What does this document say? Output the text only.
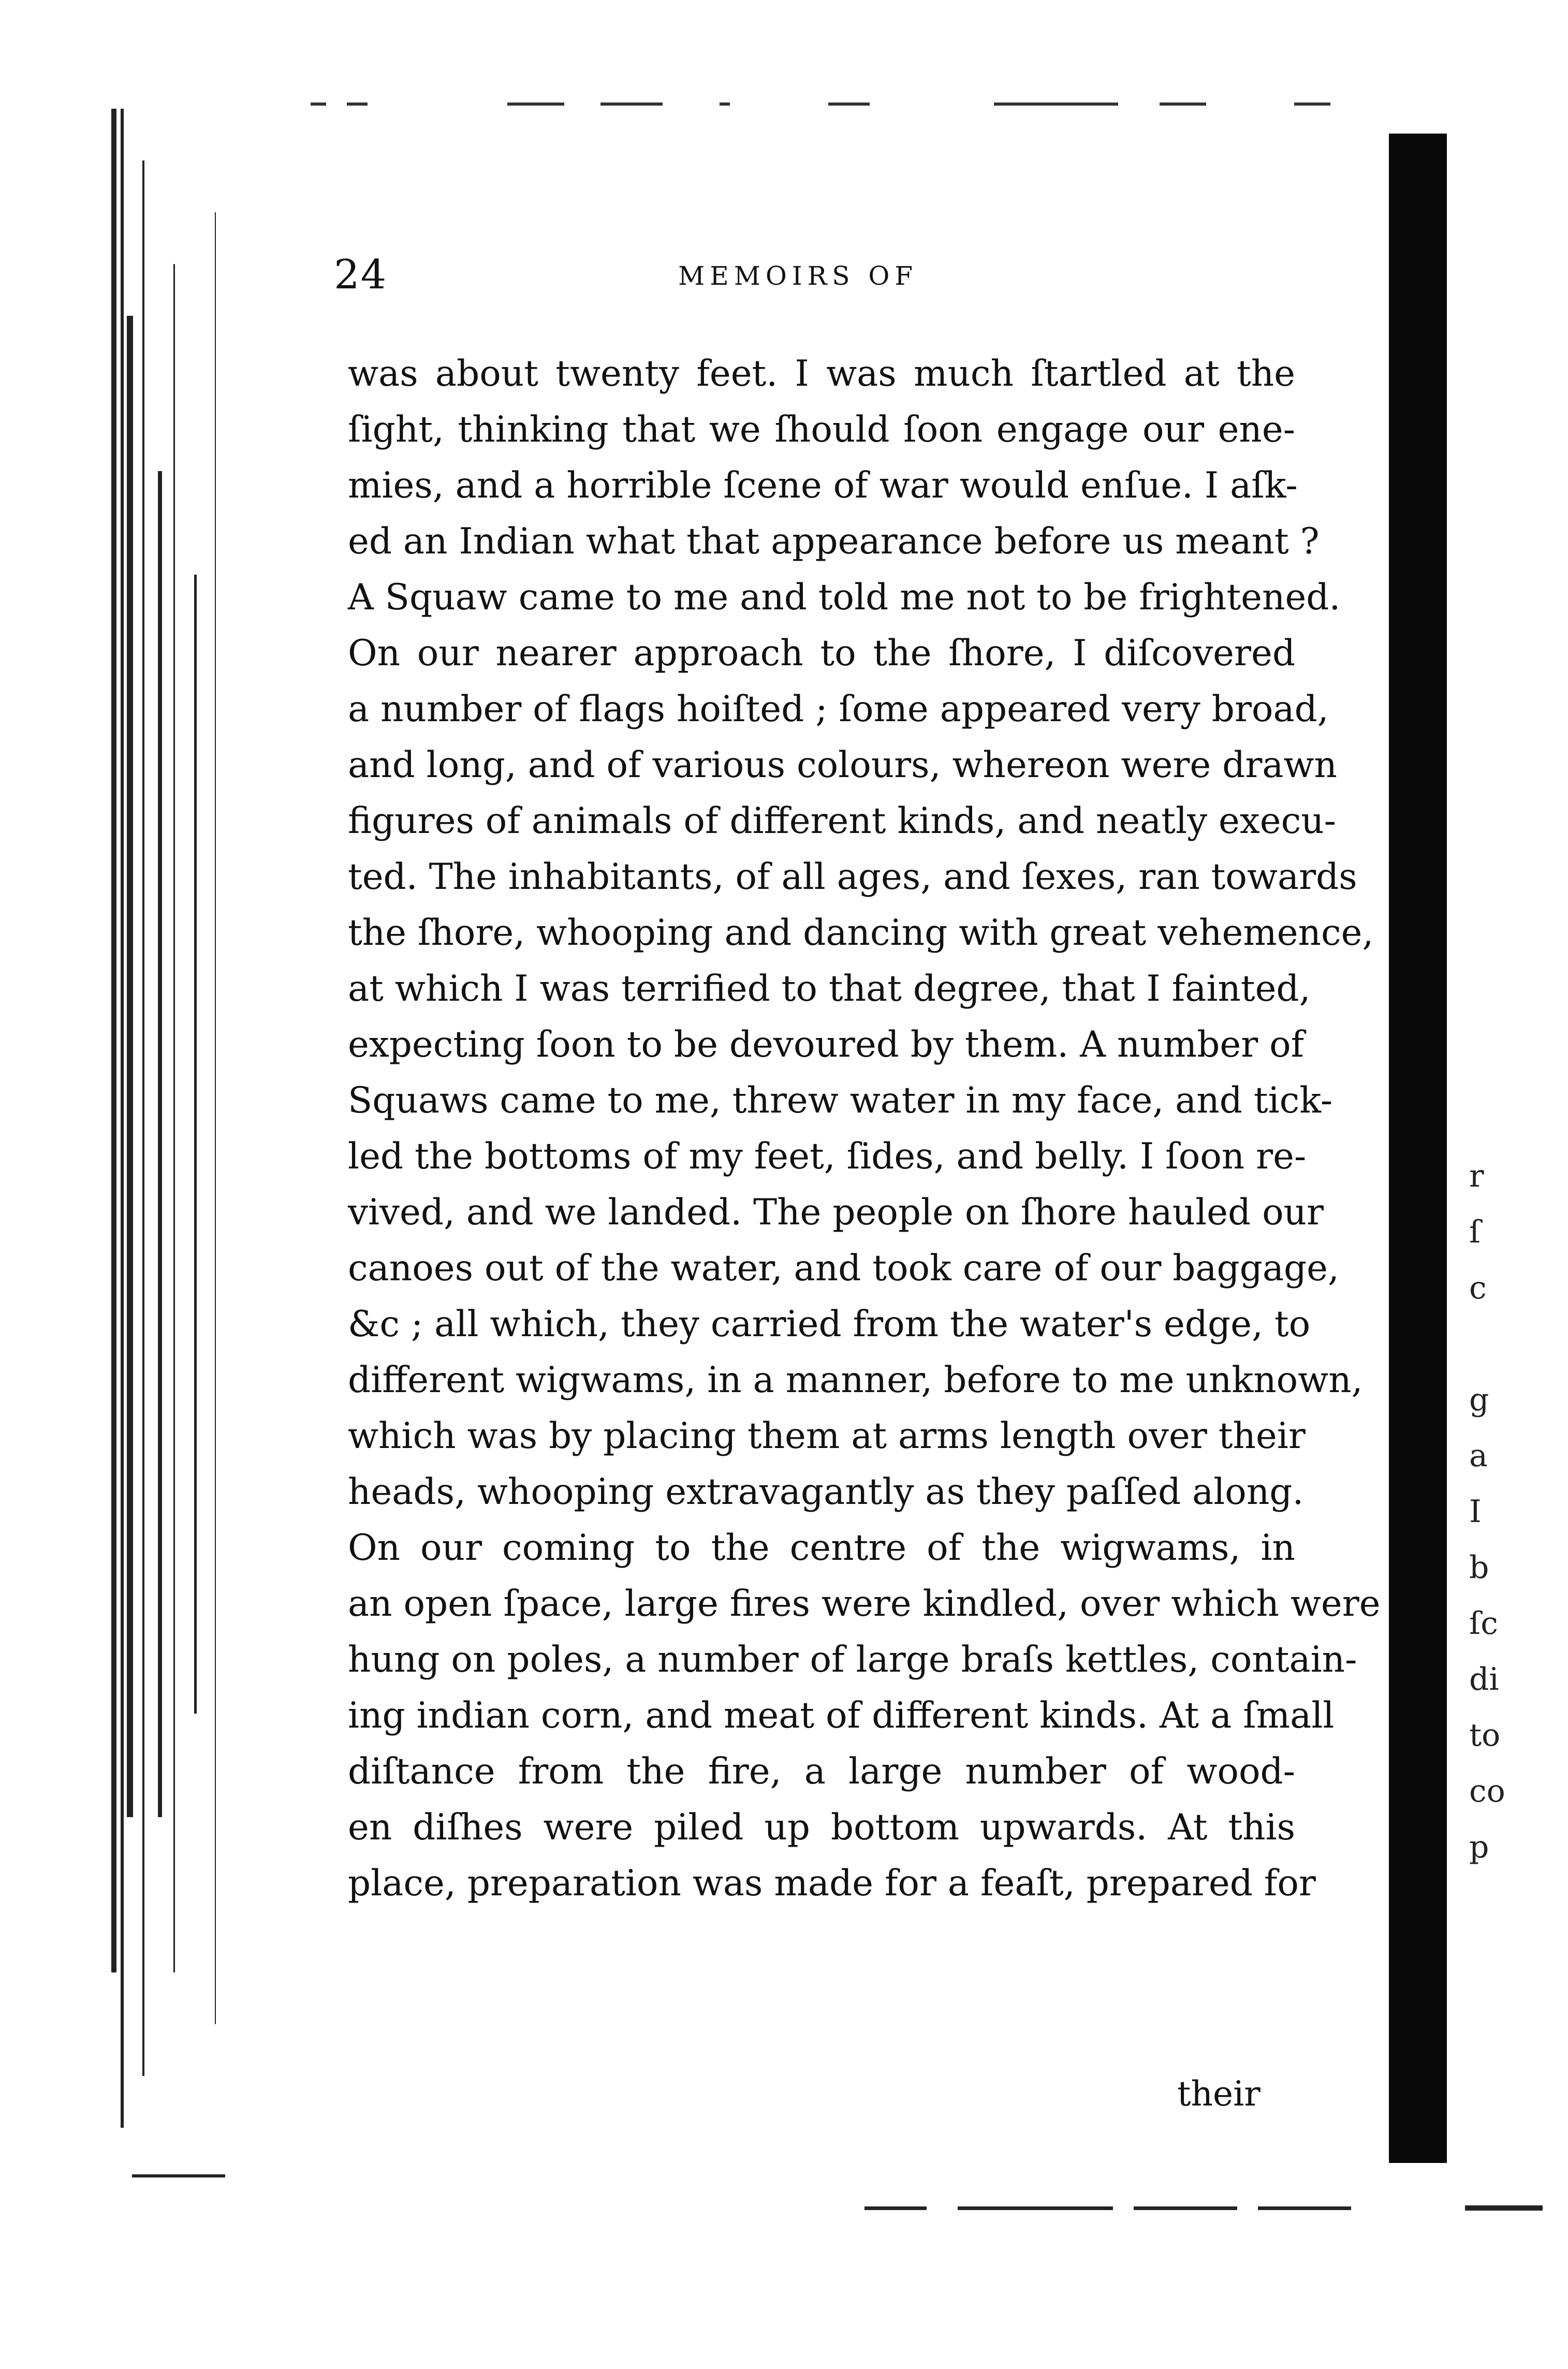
24	MEMOIRS OF
was about twenty feet. I was much ſtartled at the
ſight, thinking that we ſhould ſoon engage our ene-
mies, and a horrible ſcene of war would enſue. I aſk-
ed an Indian what that appearance before us meant ?
A Squaw came to me and told me not to be frightened.
On our nearer approach to the ſhore, I diſcovered
a number of flags hoiſted ; ſome appeared very broad,
and long, and of various colours, whereon were drawn
figures of animals of different kinds, and neatly execu-
ted. The inhabitants, of all ages, and ſexes, ran towards
the ſhore, whooping and dancing with great vehemence,
at which I was terrified to that degree, that I fainted,
expecting ſoon to be devoured by them. A number of
Squaws came to me, threw water in my face, and tick-
led the bottoms of my feet, ſides, and belly. I ſoon re-
vived, and we landed. The people on ſhore hauled our
canoes out of the water, and took care of our baggage,
&c ; all which, they carried from the water's edge, to
different wigwams, in a manner, before to me unknown,
which was by placing them at arms length over their
heads, whooping extravagantly as they paſſed along.
On our coming to the centre of the wigwams, in
an open ſpace, large fires were kindled, over which were
hung on poles, a number of large braſs kettles, contain-
ing indian corn, and meat of different kinds. At a ſmall
diſtance from the fire, a large number of wood-
en diſhes were piled up bottom upwards. At this
place, preparation was made for a feaſt, prepared for
their
r
ſ
c
g
a
I
b
ſc
di
to
co
p
